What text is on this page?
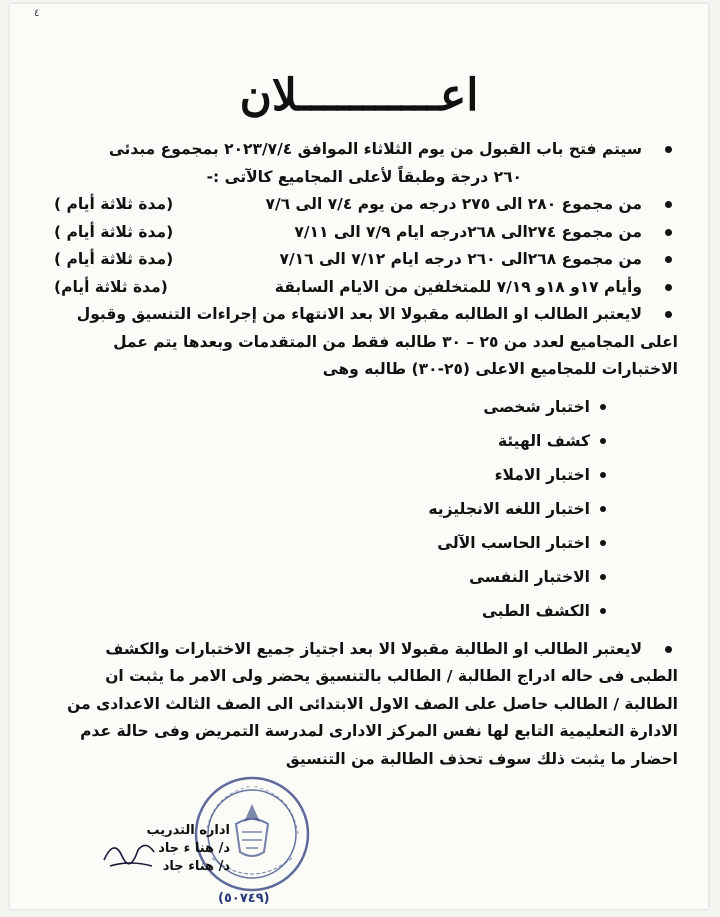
٤
اعـــــــــــلان
سيتم فتح باب القبول من يوم الثلاثاء الموافق ٢٠٢٣/٧/٤ بمجموع مبدئى
٢٦٠ درجة وطبقاً لأعلى المجاميع كالآتى :-
من مجموع ٢٨٠ الى ٢٧٥ درجه من يوم ٧/٤ الى ٧/٦
(مدة ثلاثة أيام )
من مجموع ٢٧٤الى ٢٦٨درجه ايام ٧/٩ الى ٧/١١
(مدة ثلاثة أيام )
من مجموع ٢٦٨الى ٢٦٠ درجه ايام ٧/١٢ الى ٧/١٦
(مدة ثلاثة أيام )
وأيام ١٧و ١٨و ٧/١٩ للمتخلفين من الايام السابقة
(مدة ثلاثة أيام)
لايعتبر الطالب او الطالبه مقبولا الا بعد الانتهاء من إجراءات التنسيق وقبول
اعلى المجاميع لعدد من ٢٥ – ٣٠ طالبه فقط من المتقدمات وبعدها يتم عمل
الاختبارات للمجاميع الاعلى (٢٥-٣٠) طالبه وهى
اختبار شخصى
كشف الهيئة
اختبار الاملاء
اختبار اللغه الانجليزيه
اختبار الحاسب الآلى
الاختبار النفسى
الكشف الطبى
لايعتبر الطالب او الطالبة مقبولا الا بعد اجتياز جميع الاختبارات والكشف
الطبى فى حاله ادراج الطالبة / الطالب بالتنسيق يحضر ولى الامر ما يثبت ان
الطالبة / الطالب حاصل على الصف الاول الابتدائى الى الصف الثالث الاعدادى من
الادارة التعليمية التابع لها نفس المركز الادارى لمدرسة التمريض وفى حالة عدم
احضار ما يثبت ذلك سوف تحذف الطالبة من التنسيق
(٥٠٧٤٩)
اداره التدريب
د/ هنا ء جاد
د/ هناء جاد
